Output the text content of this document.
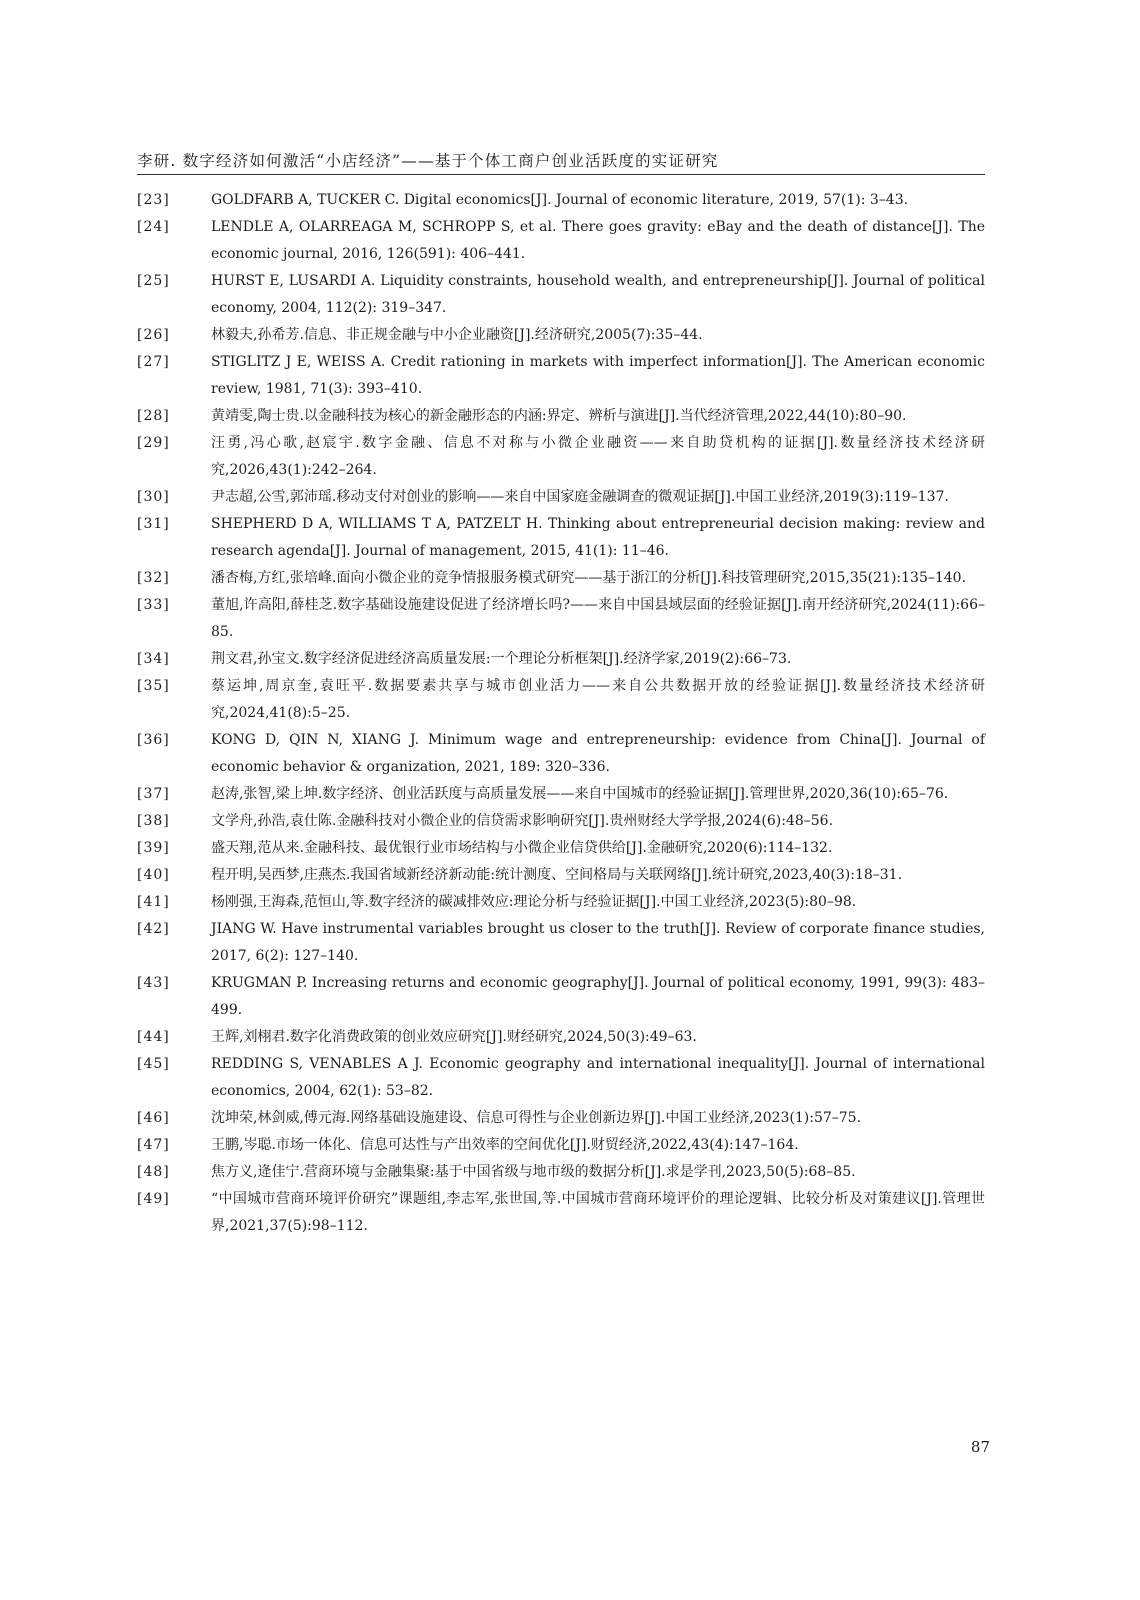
李研. 数字经济如何激活“小店经济”——基于个体工商户创业活跃度的实证研究
[23]	GOLDFARB A, TUCKER C. Digital economics[J]. Journal of economic literature, 2019, 57(1): 3–43.
[24]	LENDLE A, OLARREAGA M, SCHROPP S, et al. There goes gravity: eBay and the death of distance[J]. The economic journal, 2016, 126(591): 406–441.
[25]	HURST E, LUSARDI A. Liquidity constraints, household wealth, and entrepreneurship[J]. Journal of political economy, 2004, 112(2): 319–347.
[26]	林毅夫,孙希芳.信息、非正规金融与中小企业融资[J].经济研究,2005(7):35–44.
[27]	STIGLITZ J E, WEISS A. Credit rationing in markets with imperfect information[J]. The American economic review, 1981, 71(3): 393–410.
[28]	黄靖雯,陶士贵.以金融科技为核心的新金融形态的内涵:界定、辨析与演进[J].当代经济管理,2022,44(10):80–90.
[29]	汪勇,冯心歌,赵宸宇.数字金融、信息不对称与小微企业融资——来自助贷机构的证据[J].数量经济技术经济研究,2026,43(1):242–264.
[30]	尹志超,公雪,郭沛瑶.移动支付对创业的影响——来自中国家庭金融调查的微观证据[J].中国工业经济,2019(3):119–137.
[31]	SHEPHERD D A, WILLIAMS T A, PATZELT H. Thinking about entrepreneurial decision making: review and research agenda[J]. Journal of management, 2015, 41(1): 11–46.
[32]	潘杏梅,方红,张培峰.面向小微企业的竞争情报服务模式研究——基于浙江的分析[J].科技管理研究,2015,35(21):135–140.
[33]	董旭,许高阳,薛桂芝.数字基础设施建设促进了经济增长吗?——来自中国县域层面的经验证据[J].南开经济研究,2024(11):66–85.
[34]	荆文君,孙宝文.数字经济促进经济高质量发展:一个理论分析框架[J].经济学家,2019(2):66–73.
[35]	蔡运坤,周京奎,袁旺平.数据要素共享与城市创业活力——来自公共数据开放的经验证据[J].数量经济技术经济研究,2024,41(8):5–25.
[36]	KONG D, QIN N, XIANG J. Minimum wage and entrepreneurship: evidence from China[J]. Journal of economic behavior & organization, 2021, 189: 320–336.
[37]	赵涛,张智,梁上坤.数字经济、创业活跃度与高质量发展——来自中国城市的经验证据[J].管理世界,2020,36(10):65–76.
[38]	文学舟,孙浩,袁仕陈.金融科技对小微企业的信贷需求影响研究[J].贵州财经大学学报,2024(6):48–56.
[39]	盛天翔,范从来.金融科技、最优银行业市场结构与小微企业信贷供给[J].金融研究,2020(6):114–132.
[40]	程开明,吴西梦,庄燕杰.我国省域新经济新动能:统计测度、空间格局与关联网络[J].统计研究,2023,40(3):18–31.
[41]	杨刚强,王海森,范恒山,等.数字经济的碳减排效应:理论分析与经验证据[J].中国工业经济,2023(5):80–98.
[42]	JIANG W. Have instrumental variables brought us closer to the truth[J]. Review of corporate finance studies, 2017, 6(2): 127–140.
[43]	KRUGMAN P. Increasing returns and economic geography[J]. Journal of political economy, 1991, 99(3): 483–499.
[44]	王辉,刘栩君.数字化消费政策的创业效应研究[J].财经研究,2024,50(3):49–63.
[45]	REDDING S, VENABLES A J. Economic geography and international inequality[J]. Journal of international economics, 2004, 62(1): 53–82.
[46]	沈坤荣,林剑威,傅元海.网络基础设施建设、信息可得性与企业创新边界[J].中国工业经济,2023(1):57–75.
[47]	王鹏,岑聪.市场一体化、信息可达性与产出效率的空间优化[J].财贸经济,2022,43(4):147–164.
[48]	焦方义,逄佳宁.营商环境与金融集聚:基于中国省级与地市级的数据分析[J].求是学刊,2023,50(5):68–85.
[49]	“中国城市营商环境评价研究”课题组,李志军,张世国,等.中国城市营商环境评价的理论逻辑、比较分析及对策建议[J].管理世界,2021,37(5):98–112.
87
